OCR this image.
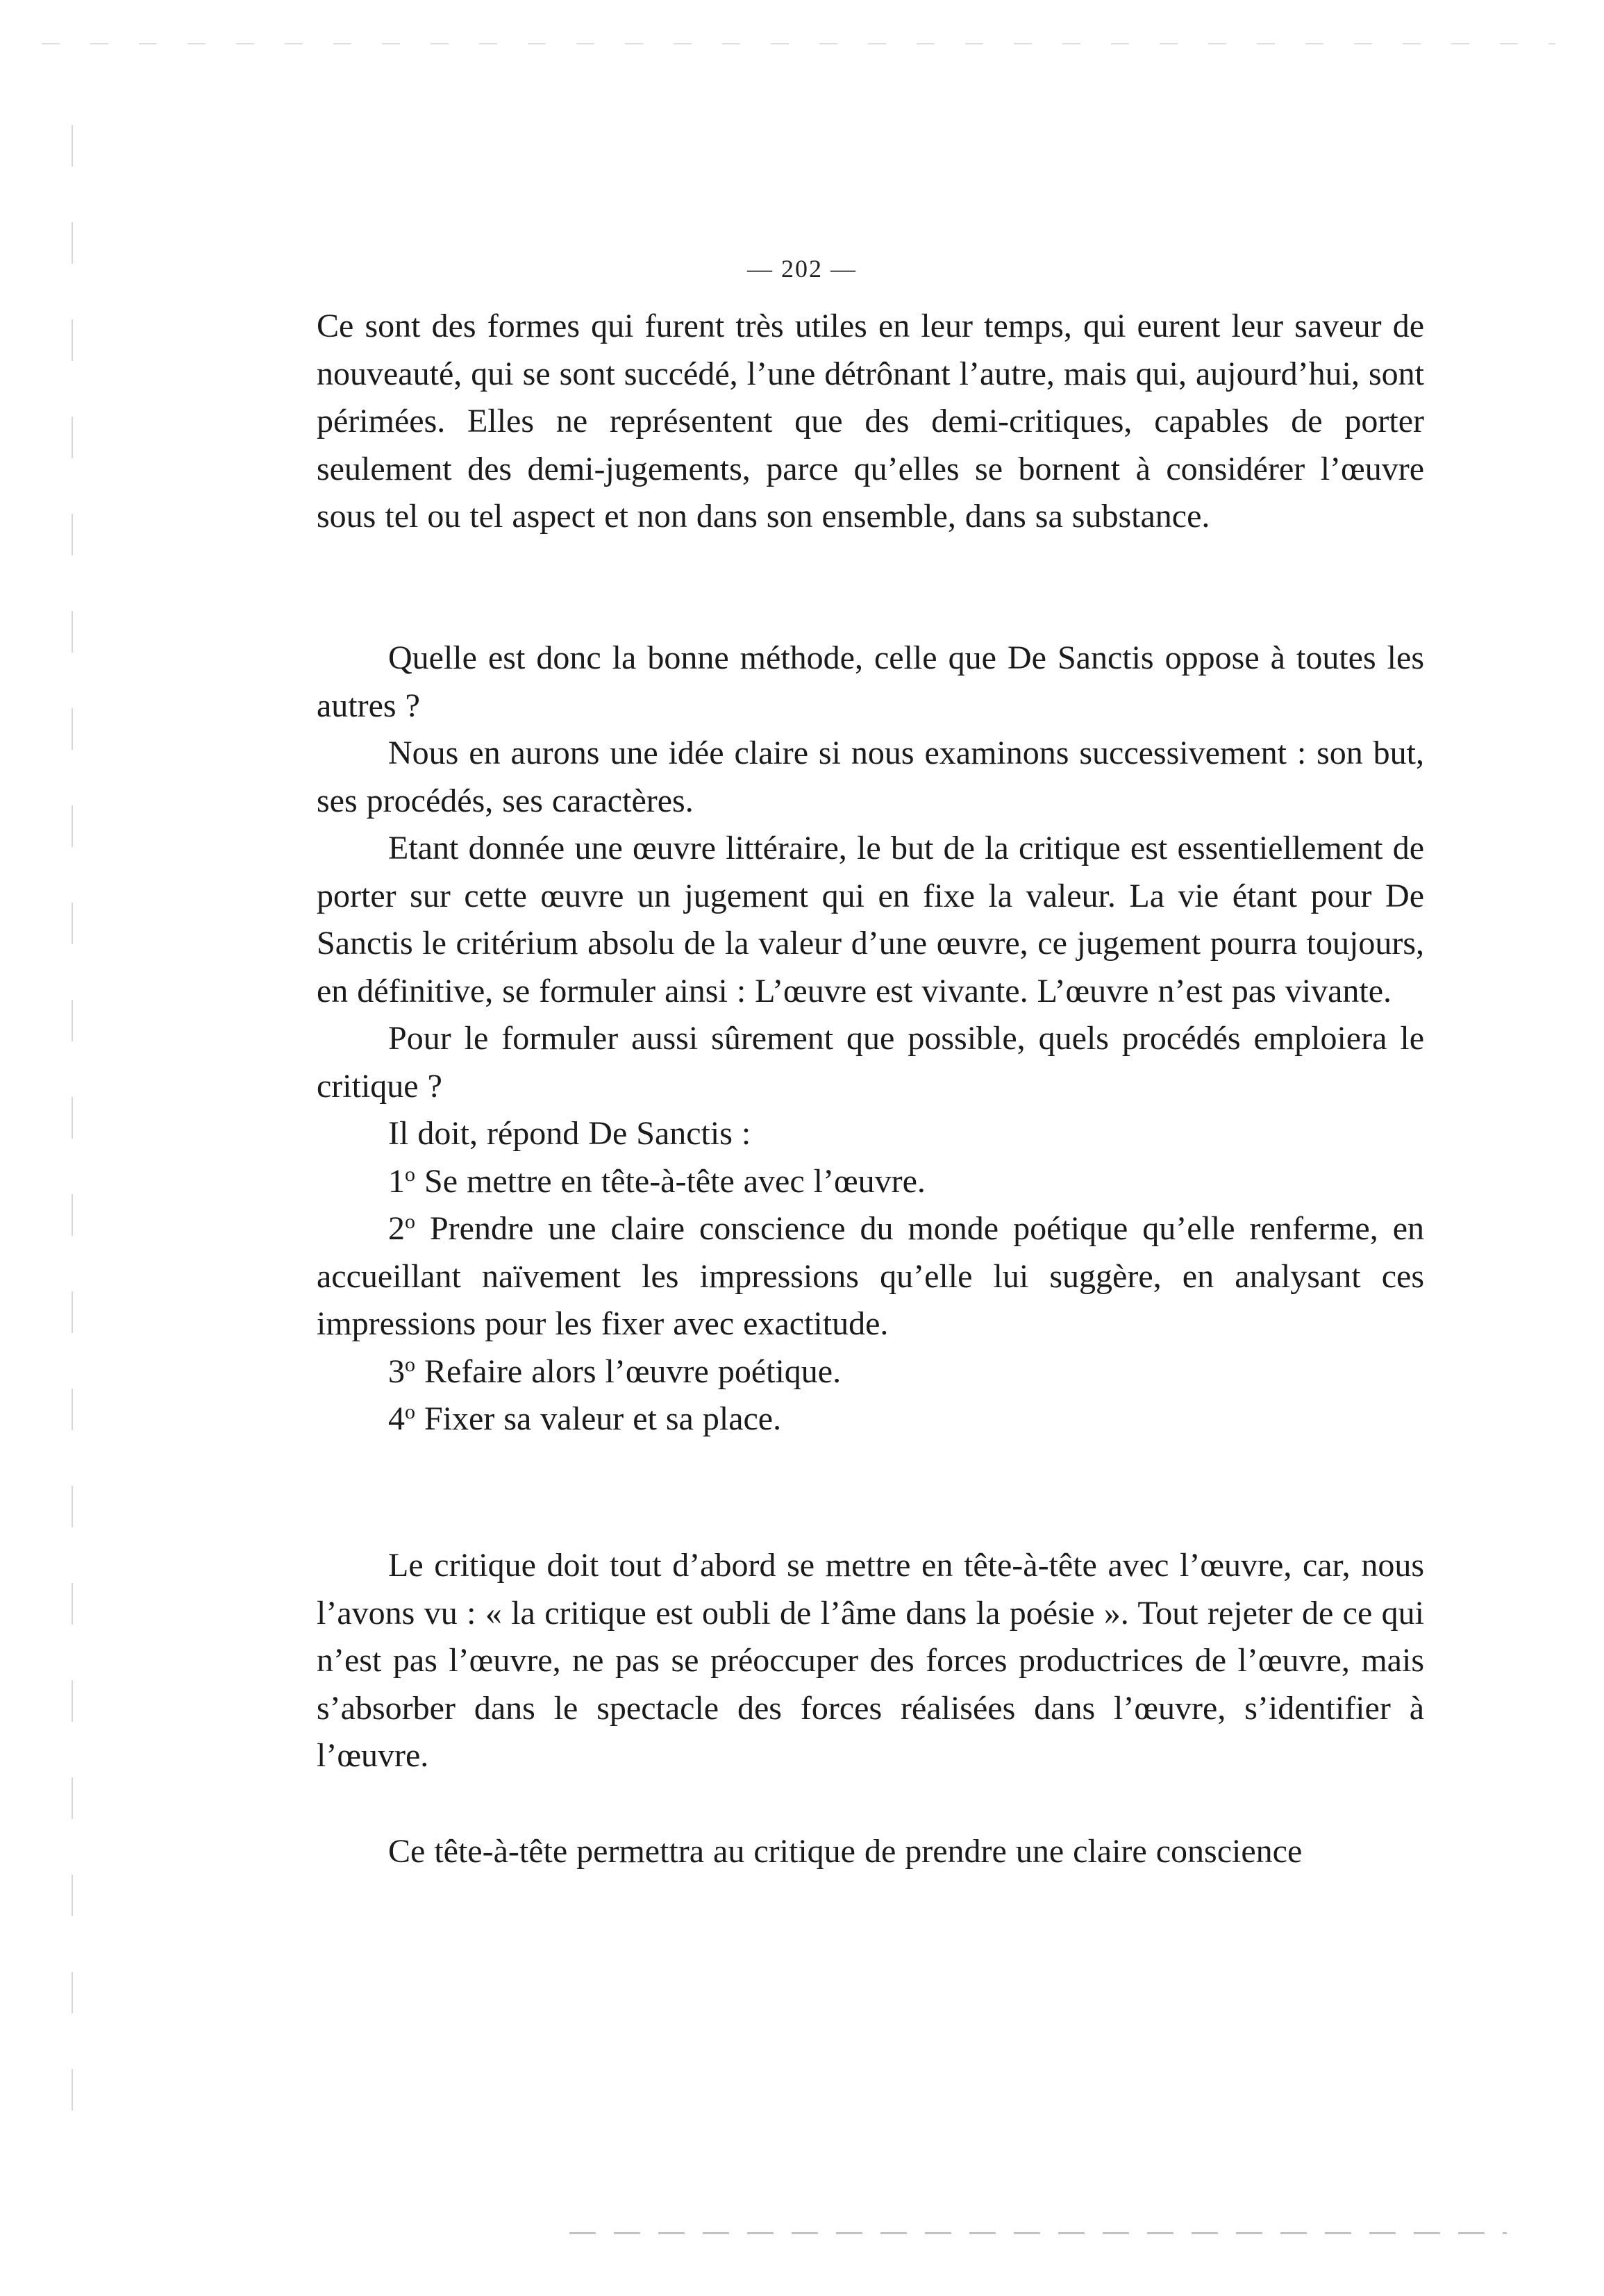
— 202 —

Ce sont des formes qui furent très utiles en leur temps, qui eurent leur saveur de nouveauté, qui se sont succédé, l’une détrônant l’autre, mais qui, aujourd’hui, sont périmées. Elles ne représentent que des demi-critiques, capables de porter seulement des demi-jugements, parce qu’elles se bornent à considérer l’œuvre sous tel ou tel aspect et non dans son ensemble, dans sa substance.

Quelle est donc la bonne méthode, celle que De Sanctis oppose à toutes les autres ?

Nous en aurons une idée claire si nous examinons successivement : son but, ses procédés, ses caractères.

Etant donnée une œuvre littéraire, le but de la critique est essentiellement de porter sur cette œuvre un jugement qui en fixe la valeur. La vie étant pour De Sanctis le critérium absolu de la valeur d’une œuvre, ce jugement pourra toujours, en définitive, se formuler ainsi : L’œuvre est vivante. L’œuvre n’est pas vivante.

Pour le formuler aussi sûrement que possible, quels procédés emploiera le critique ?

Il doit, répond De Sanctis :

1$^o$ Se mettre en tête-à-tête avec l’œuvre.

2$^o$ Prendre une claire conscience du monde poétique qu’elle renferme, en accueillant naïvement les impressions qu’elle lui suggère, en analysant ces impressions pour les fixer avec exactitude.

3$^o$ Refaire alors l’œuvre poétique.

4$^o$ Fixer sa valeur et sa place.

Le critique doit tout d’abord se mettre en tête-à-tête avec l’œuvre, car, nous l’avons vu : « la critique est oubli de l’âme dans la poésie ». Tout rejeter de ce qui n’est pas l’œuvre, ne pas se préoccuper des forces productrices de l’œuvre, mais s’absorber dans le spectacle des forces réalisées dans l’œuvre, s’identifier à l’œuvre.

Ce tête-à-tête permettra au critique de prendre une claire conscience
